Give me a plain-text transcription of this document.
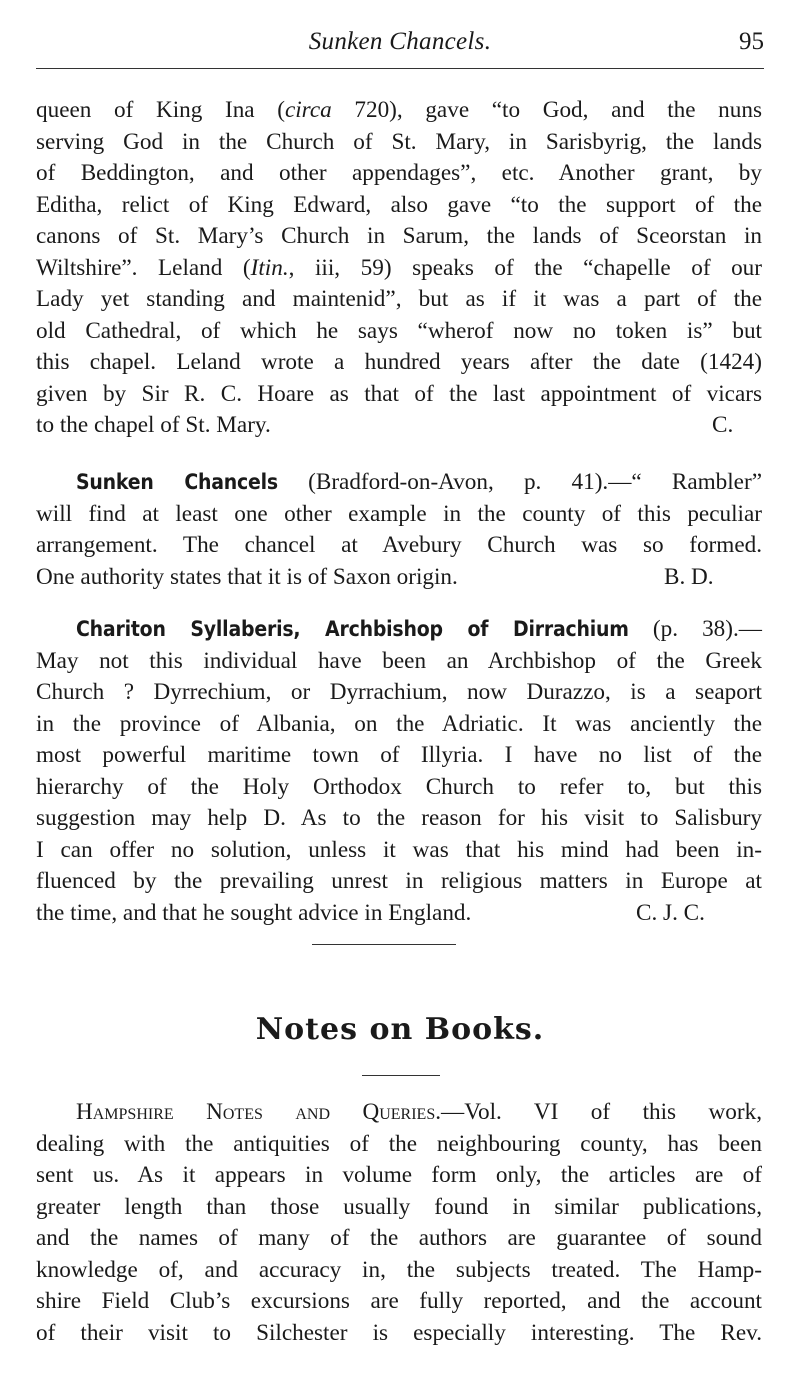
Sunken Chancels.	95
queen of King Ina (circa 720), gave “to God, and the nuns
serving God in the Church of St. Mary, in Sarisbyrig, the lands
of Beddington, and other appendages”, etc. Another grant, by
Editha, relict of King Edward, also gave “to the support of the
canons of St. Mary’s Church in Sarum, the lands of Sceorstan in
Wiltshire”. Leland (Itin., iii, 59) speaks of the “chapelle of our
Lady yet standing and maintenid”, but as if it was a part of the
old Cathedral, of which he says “wherof now no token is” but
this chapel. Leland wrote a hundred years after the date (1424)
given by Sir R. C. Hoare as that of the last appointment of vicars
to the chapel of St. Mary.	C.
Sunken Chancels (Bradford-on-Avon, p. 41).—“ Rambler”
will find at least one other example in the county of this peculiar
arrangement. The chancel at Avebury Church was so formed.
One authority states that it is of Saxon origin.	B. D.
Chariton Syllaberis, Archbishop of Dirrachium (p. 38).—
May not this individual have been an Archbishop of the Greek
Church ? Dyrrechium, or Dyrrachium, now Durazzo, is a seaport
in the province of Albania, on the Adriatic. It was anciently the
most powerful maritime town of Illyria. I have no list of the
hierarchy of the Holy Orthodox Church to refer to, but this
suggestion may help D. As to the reason for his visit to Salisbury
I can offer no solution, unless it was that his mind had been in-
fluenced by the prevailing unrest in religious matters in Europe at
the time, and that he sought advice in England.	C. J. C.
Notes on Books.
Hampshire Notes and Queries.—Vol. VI of this work,
dealing with the antiquities of the neighbouring county, has been
sent us. As it appears in volume form only, the articles are of
greater length than those usually found in similar publications,
and the names of many of the authors are guarantee of sound
knowledge of, and accuracy in, the subjects treated. The Hamp-
shire Field Club’s excursions are fully reported, and the account
of their visit to Silchester is especially interesting. The Rev.
